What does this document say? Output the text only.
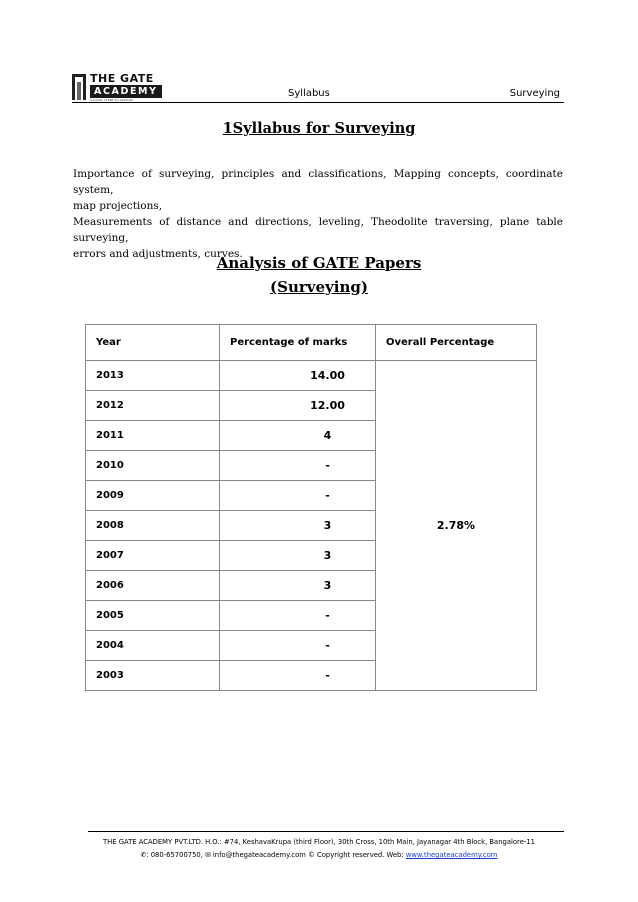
THE GATE
ACADEMY
A Center of ENT for Aptitude
Syllabus	Surveying
1Syllabus for Surveying
Importance of surveying, principles and classifications, Mapping concepts, coordinate system,
map projections,
Measurements of distance and directions, leveling, Theodolite traversing, plane table surveying,
errors and adjustments, curves.
Analysis of GATE Papers
(Surveying)
Year	Percentage of marks	Overall Percentage
2013	14.00	2.78%
2012	12.00	
2011	4	
2010	-	
2009	-	
2008	3	
2007	3	
2006	3	
2005	-	
2004	-	
2003	-	
THE GATE ACADEMY PVT.LTD. H.O.: #74, KeshavaKrupa (third Floor), 30th Cross, 10th Main, Jayanagar 4th Block, Bangalore-11
✆: 080-65700750, ✉ info@thegateacademy.com © Copyright reserved. Web: www.thegateacademy.com
